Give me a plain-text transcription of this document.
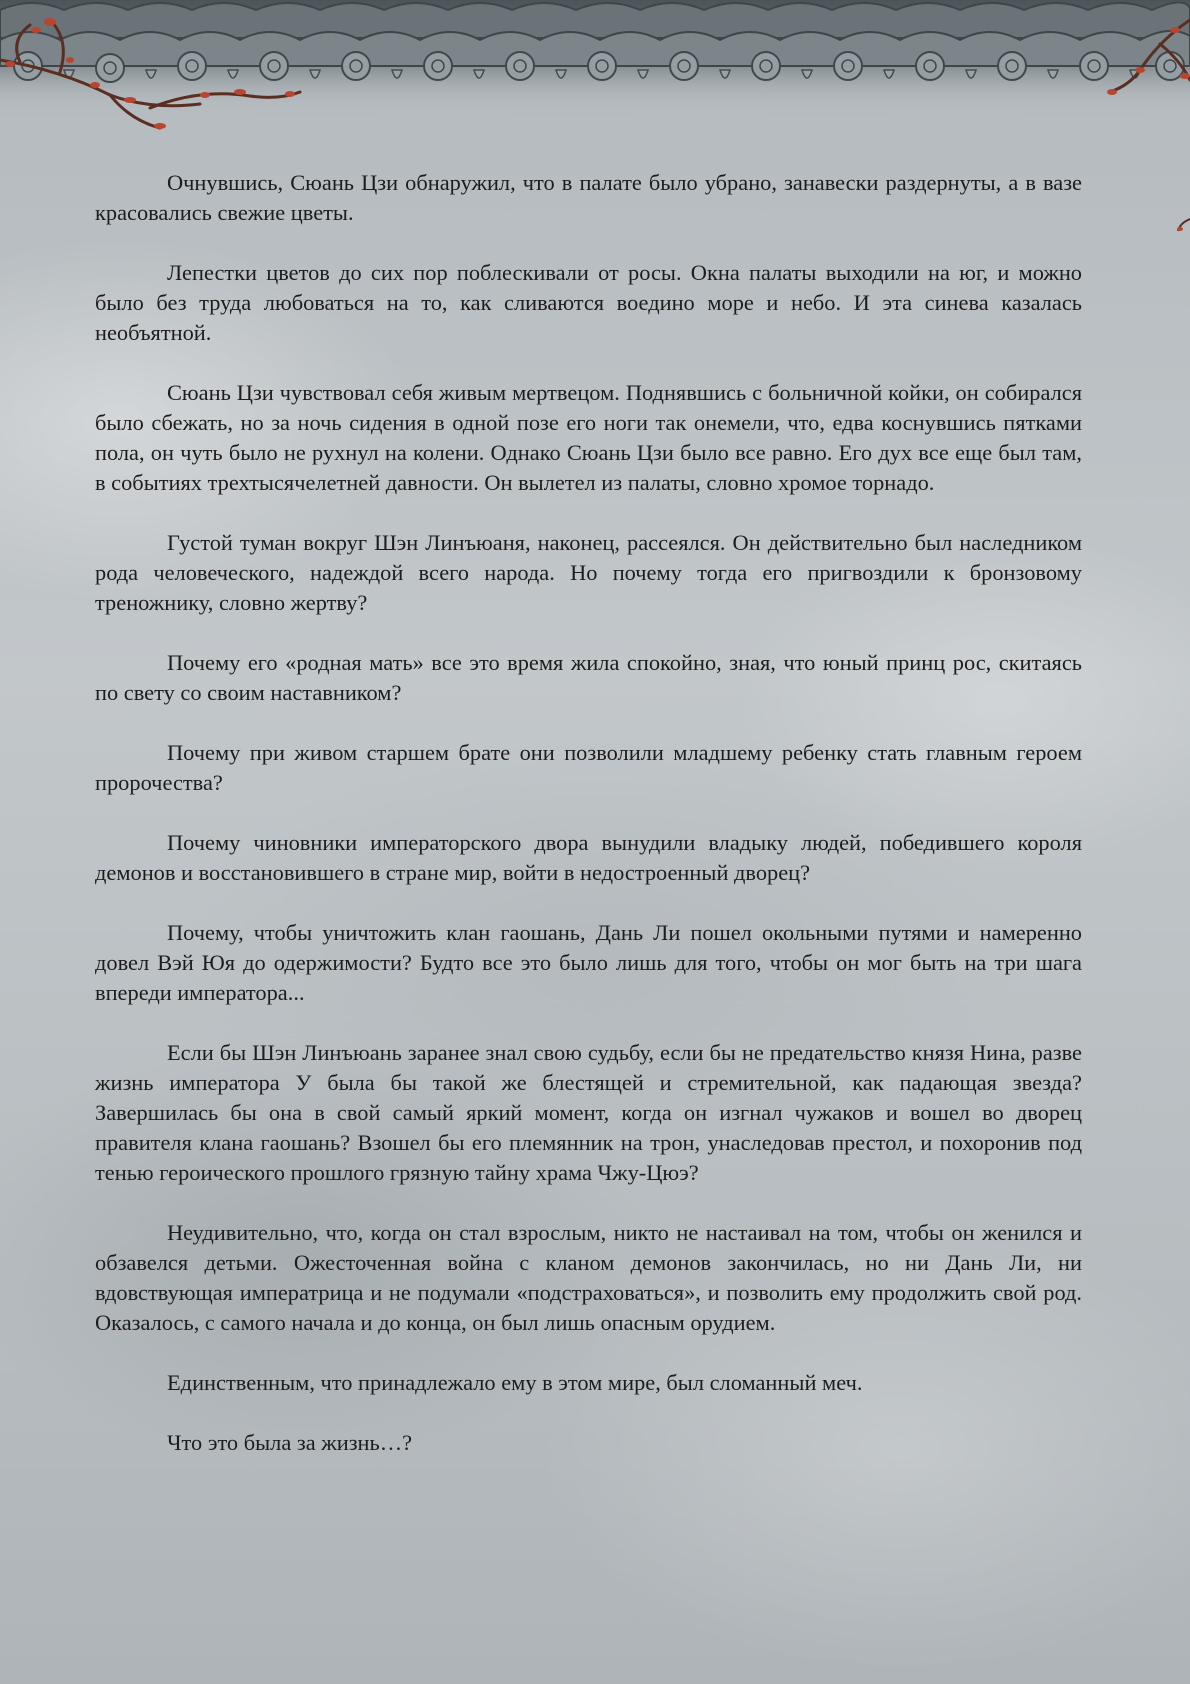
Очнувшись, Сюань Цзи обнаружил, что в палате было убрано, занавески раздернуты, а в вазе красовались свежие цветы.

Лепестки цветов до сих пор поблескивали от росы. Окна палаты выходили на юг, и можно было без труда любоваться на то, как сливаются воедино море и небо. И эта синева казалась необъятной.

Сюань Цзи чувствовал себя живым мертвецом. Поднявшись с больничной койки, он собирался было сбежать, но за ночь сидения в одной позе его ноги так онемели, что, едва коснувшись пятками пола, он чуть было не рухнул на колени. Однако Сюань Цзи было все равно. Его дух все еще был там, в событиях трехтысячелетней давности. Он вылетел из палаты, словно хромое торнадо.

Густой туман вокруг Шэн Линъюаня, наконец, рассеялся. Он действительно был наследником рода человеческого, надеждой всего народа. Но почему тогда его пригвоздили к бронзовому треножнику, словно жертву?

Почему его «родная мать» все это время жила спокойно, зная, что юный принц рос, скитаясь по свету со своим наставником?

Почему при живом старшем брате они позволили младшему ребенку стать главным героем пророчества?

Почему чиновники императорского двора вынудили владыку людей, победившего короля демонов и восстановившего в стране мир, войти в недостроенный дворец?

Почему, чтобы уничтожить клан гаошань, Дань Ли пошел окольными путями и намеренно довел Вэй Юя до одержимости? Будто все это было лишь для того, чтобы он мог быть на три шага впереди императора...

Если бы Шэн Линъюань заранее знал свою судьбу, если бы не предательство князя Нина, разве жизнь императора У была бы такой же блестящей и стремительной, как падающая звезда? Завершилась бы она в свой самый яркий момент, когда он изгнал чужаков и вошел во дворец правителя клана гаошань? Взошел бы его племянник на трон, унаследовав престол, и похоронив под тенью героического прошлого грязную тайну храма Чжу-Цюэ?

Неудивительно, что, когда он стал взрослым, никто не настаивал на том, чтобы он женился и обзавелся детьми. Ожесточенная война с кланом демонов закончилась, но ни Дань Ли, ни вдовствующая императрица и не подумали «подстраховаться», и позволить ему продолжить свой род. Оказалось, с самого начала и до конца, он был лишь опасным орудием.

Единственным, что принадлежало ему в этом мире, был сломанный меч.

Что это была за жизнь…?
